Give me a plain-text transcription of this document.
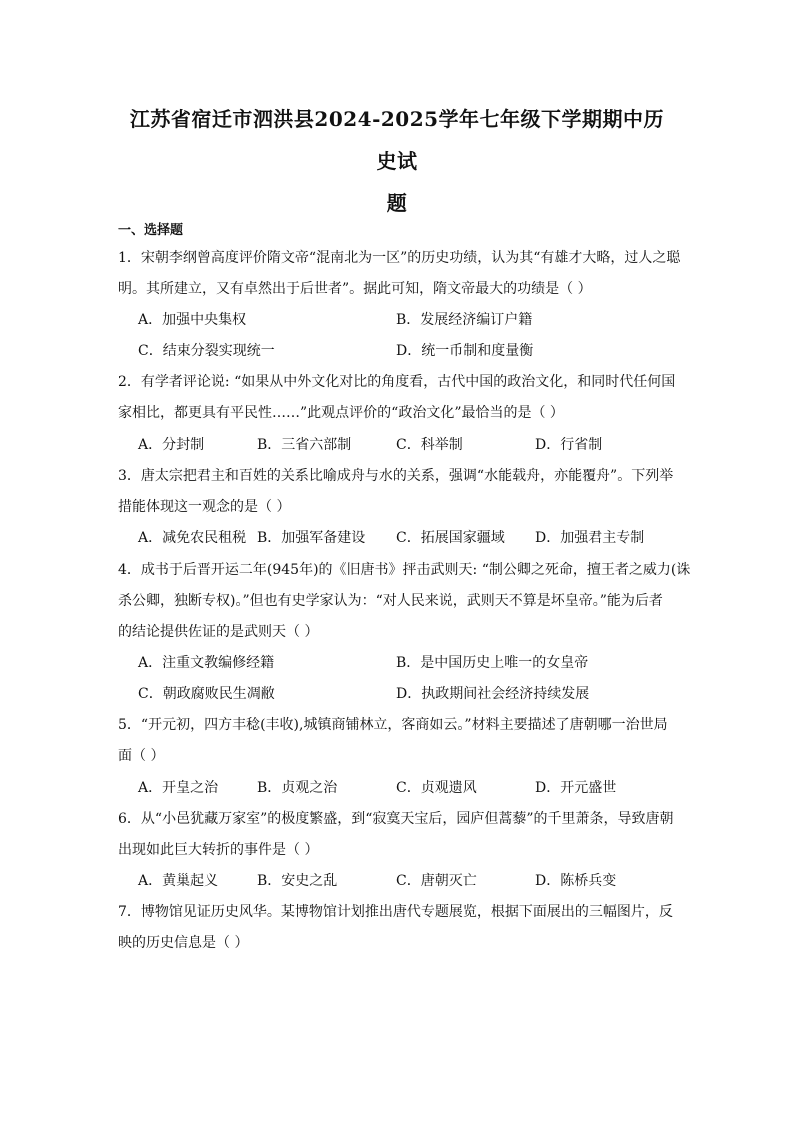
江苏省宿迁市泗洪县2024-2025学年七年级下学期期中历史试
题
一、选择题
1．宋朝李纲曾高度评价隋文帝“混南北为一区”的历史功绩，认为其“有雄才大略，过人之聪
明。其所建立，又有卓然出于后世者”。据此可知，隋文帝最大的功绩是（ ）
A．加强中央集权	B．发展经济编订户籍
C．结束分裂实现统一	D．统一币制和度量衡
2．有学者评论说: “如果从中外文化对比的角度看，古代中国的政治文化，和同时代任何国
家相比，都更具有平民性……”此观点评价的“政治文化”最恰当的是（ ）
A．分封制	B．三省六部制	C．科举制	D．行省制
3．唐太宗把君主和百姓的关系比喻成舟与水的关系，强调“水能载舟，亦能覆舟”。下列举
措能体现这一观念的是（ ）
A．减免农民租税 B．加强军备建设 C．拓展国家疆域 D．加强君主专制
4．成书于后晋开运二年(945年)的《旧唐书》抨击武则天: “制公卿之死命，擅王者之威力(诛
杀公卿，独断专权)。”但也有史学家认为：“对人民来说，武则天不算是坏皇帝。”能为后者
的结论提供佐证的是武则天（ ）
A．注重文教编修经籍	B．是中国历史上唯一的女皇帝
C．朝政腐败民生凋敝	D．执政期间社会经济持续发展
5．“开元初，四方丰稔(丰收),城镇商铺林立，客商如云。”材料主要描述了唐朝哪一治世局
面（ ）
A．开皇之治	B．贞观之治	C．贞观遗风	D．开元盛世
6．从“小邑犹藏万家室”的极度繁盛，到“寂寞天宝后，园庐但蒿藜”的千里萧条，导致唐朝
出现如此巨大转折的事件是（ ）
A．黄巢起义	B．安史之乱	C．唐朝灭亡	D．陈桥兵变
7．博物馆见证历史风华。某博物馆计划推出唐代专题展览，根据下面展出的三幅图片，反
映的历史信息是（ ）
